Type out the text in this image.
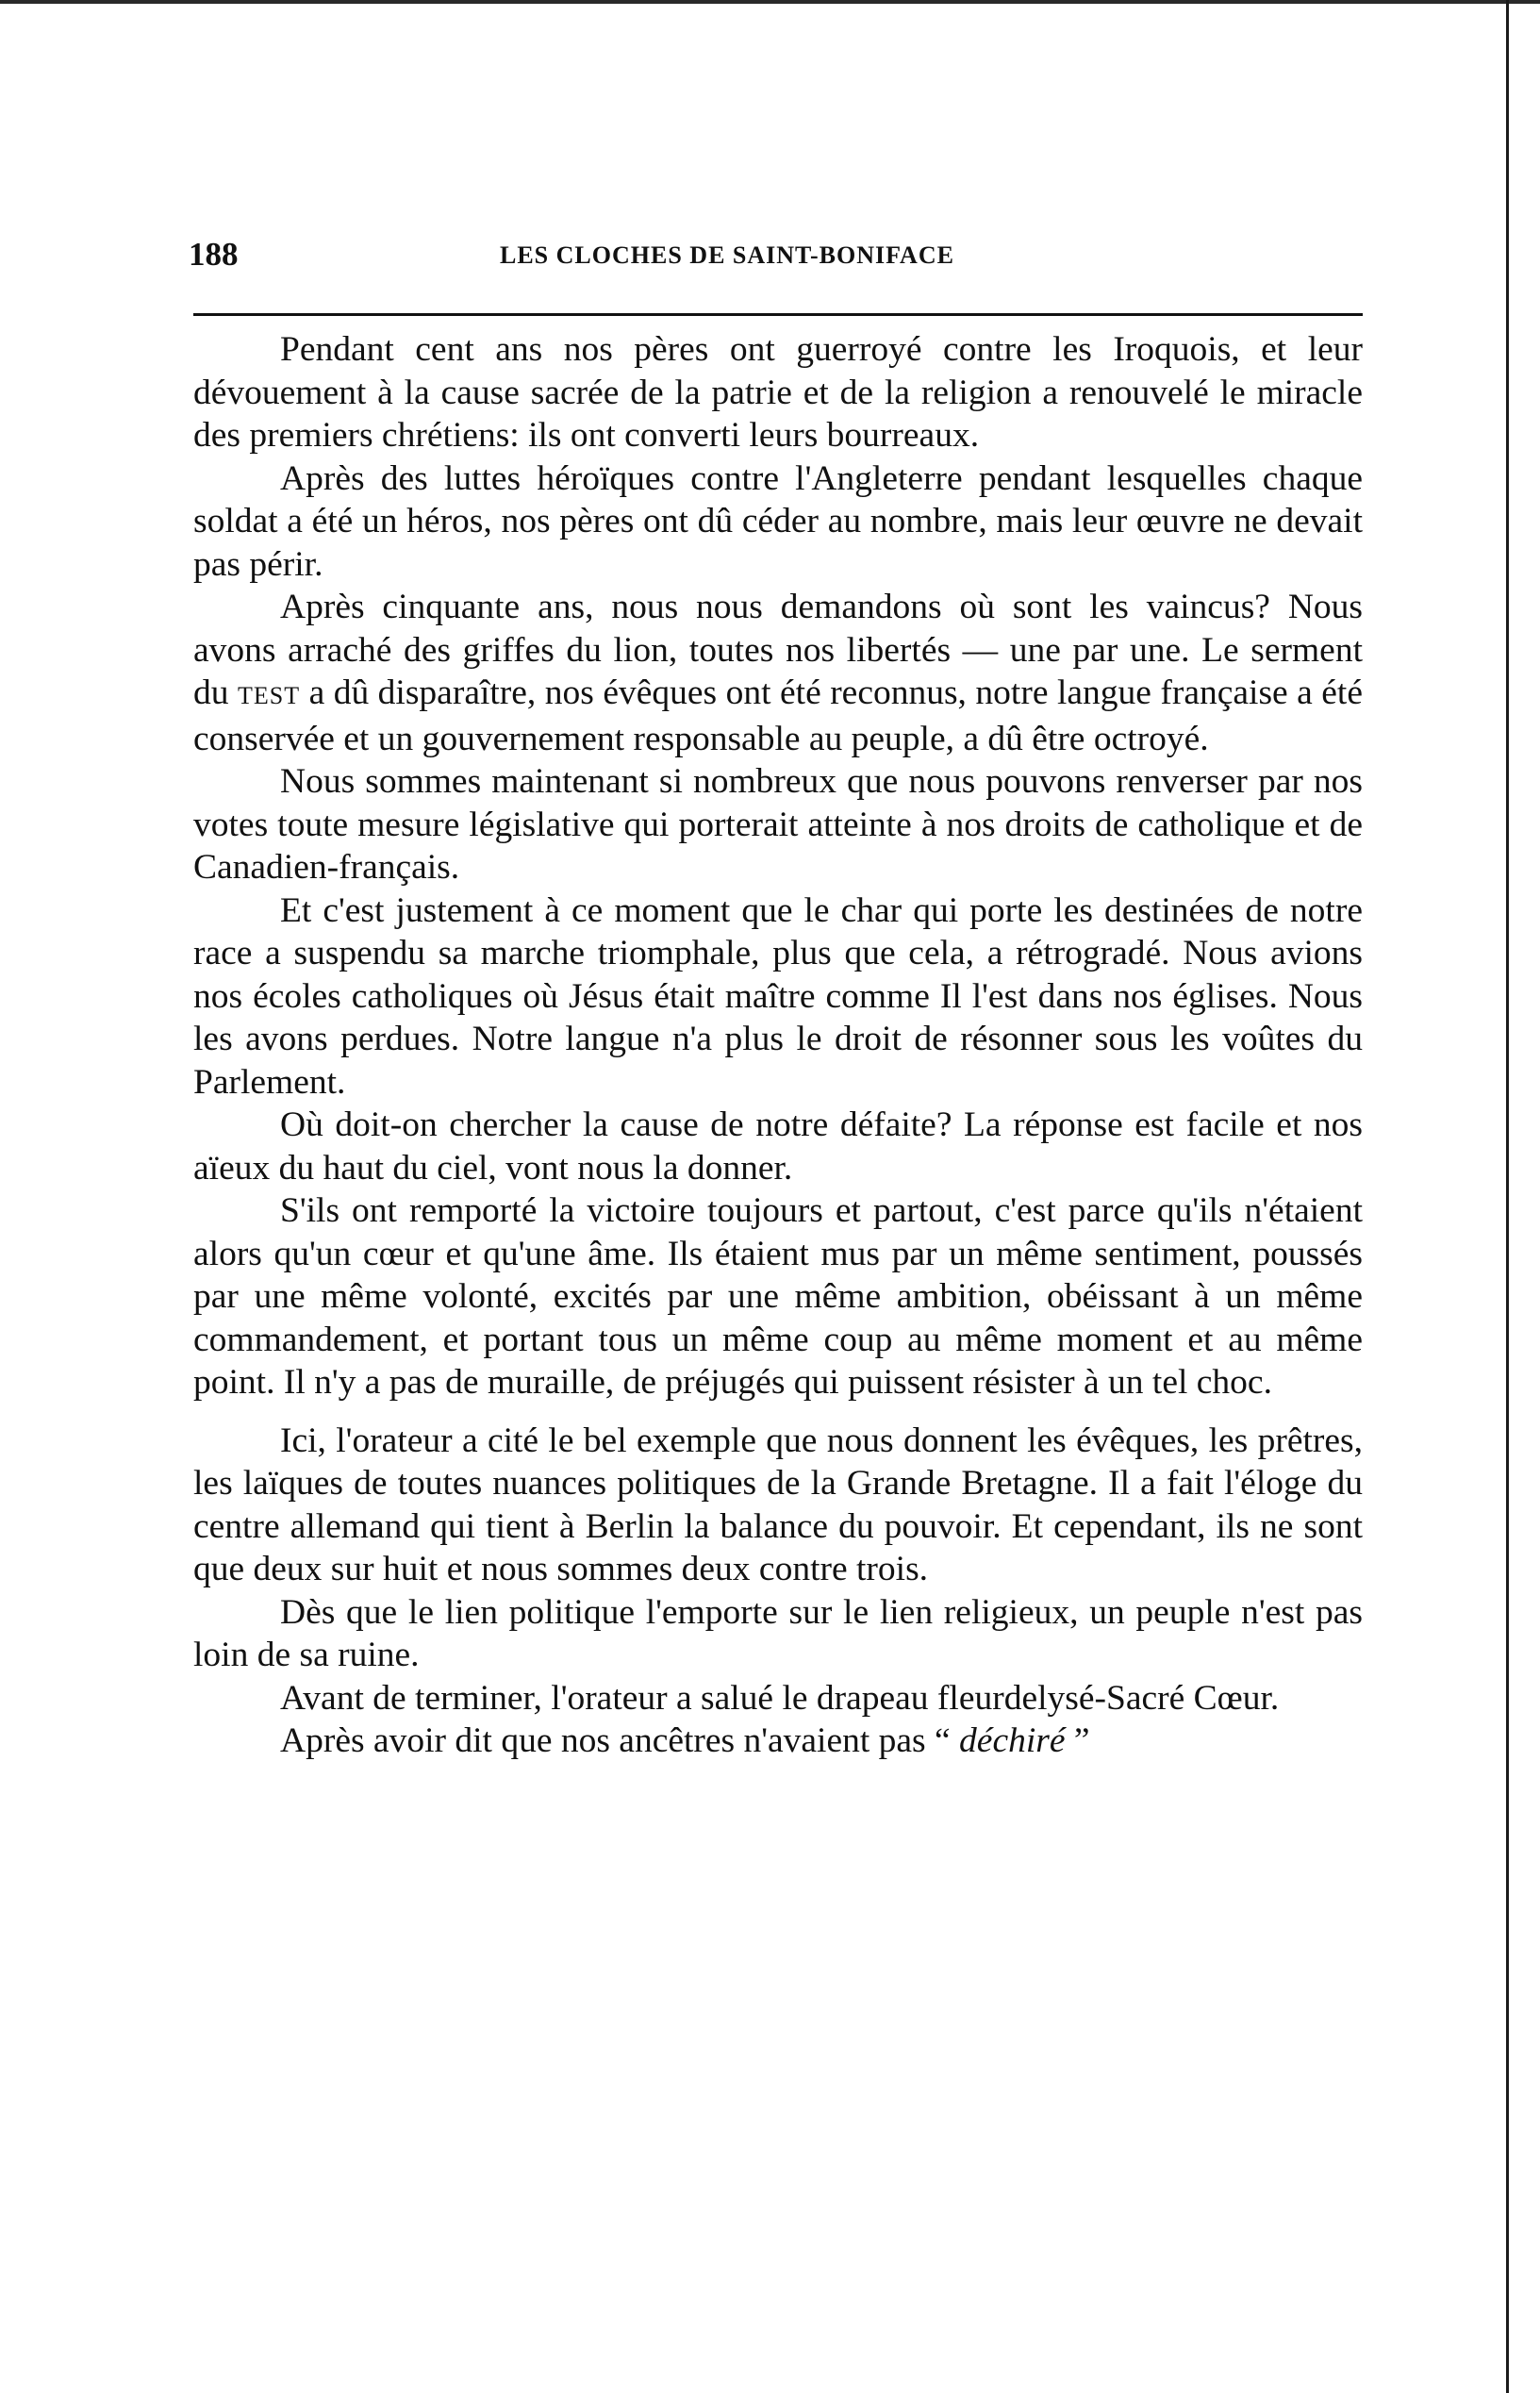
188	LES CLOCHES DE SAINT-BONIFACE

Pendant cent ans nos pères ont guerroyé contre les Iroquois, et leur dévouement à la cause sacrée de la patrie et de la religion a renouvelé le miracle des premiers chrétiens: ils ont converti leurs bourreaux.

Après des luttes héroïques contre l'Angleterre pendant lesquelles chaque soldat a été un héros, nos pères ont dû céder au nombre, mais leur œuvre ne devait pas périr.

Après cinquante ans, nous nous demandons où sont les vaincus? Nous avons arraché des griffes du lion, toutes nos libertés — une par une. Le serment du TEST a dû disparaître, nos évêques ont été reconnus, notre langue française a été conservée et un gouvernement responsable au peuple, a dû être octroyé.

Nous sommes maintenant si nombreux que nous pouvons renverser par nos votes toute mesure législative qui porterait atteinte à nos droits de catholique et de Canadien-français.

Et c'est justement à ce moment que le char qui porte les destinées de notre race a suspendu sa marche triomphale, plus que cela, a rétrogradé. Nous avions nos écoles catholiques où Jésus était maître comme Il l'est dans nos églises. Nous les avons perdues. Notre langue n'a plus le droit de résonner sous les voûtes du Parlement.

Où doit-on chercher la cause de notre défaite? La réponse est facile et nos aïeux du haut du ciel, vont nous la donner.

S'ils ont remporté la victoire toujours et partout, c'est parce qu'ils n'étaient alors qu'un cœur et qu'une âme. Ils étaient mus par un même sentiment, poussés par une même volonté, excités par une même ambition, obéissant à un même commandement, et portant tous un même coup au même moment et au même point. Il n'y a pas de muraille, de préjugés qui puissent résister à un tel choc.

Ici, l'orateur a cité le bel exemple que nous donnent les évêques, les prêtres, les laïques de toutes nuances politiques de la Grande Bretagne. Il a fait l'éloge du centre allemand qui tient à Berlin la balance du pouvoir. Et cependant, ils ne sont que deux sur huit et nous sommes deux contre trois.

Dès que le lien politique l'emporte sur le lien religieux, un peuple n'est pas loin de sa ruine.

Avant de terminer, l'orateur a salué le drapeau fleurdelysé-Sacré Cœur.

Après avoir dit que nos ancêtres n'avaient pas “ déchiré ”
